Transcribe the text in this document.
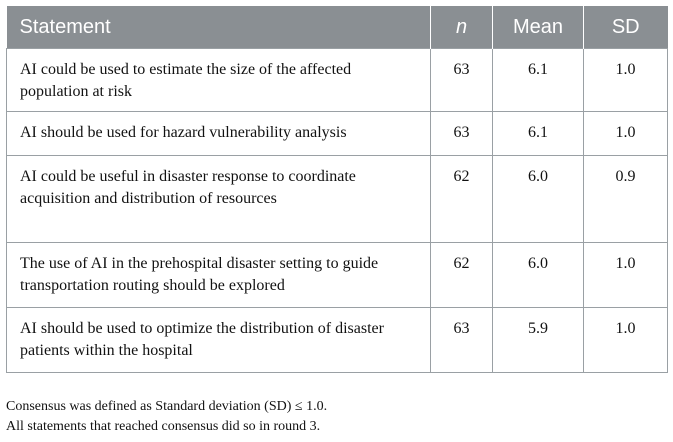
Statement	n	Mean	SD
AI could be used to estimate the size of the affected population at risk	63	6.1	1.0
AI should be used for hazard vulnerability analysis	63	6.1	1.0
AI could be useful in disaster response to coordinate acquisition and distribution of resources	62	6.0	0.9
The use of AI in the prehospital disaster setting to guide transportation routing should be explored	62	6.0	1.0
AI should be used to optimize the distribution of disaster patients within the hospital	63	5.9	1.0
Consensus was defined as Standard deviation (SD) ≤ 1.0.
All statements that reached consensus did so in round 3.
